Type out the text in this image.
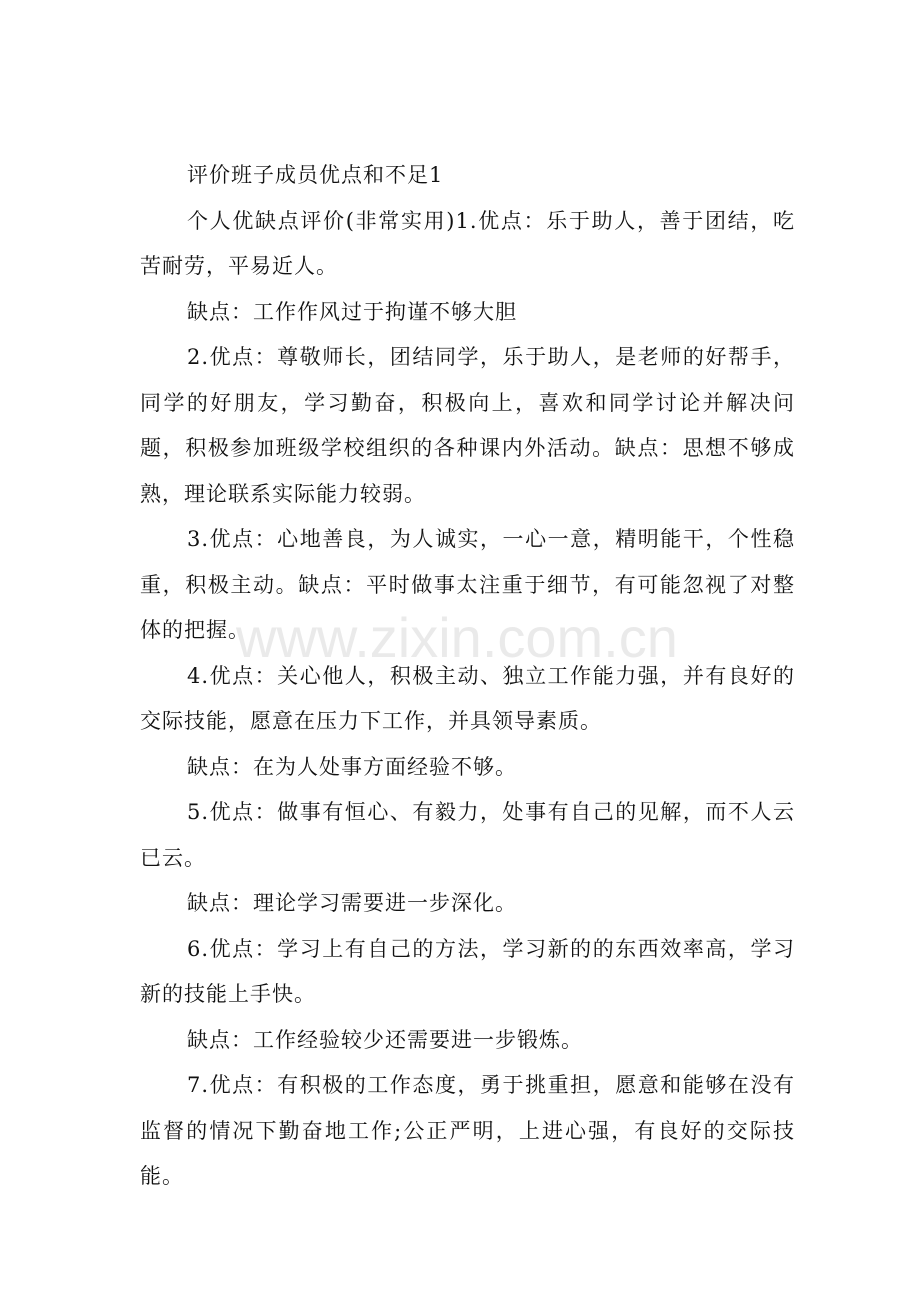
评价班子成员优点和不足1

个人优缺点评价(非常实用)1.优点：乐于助人，善于团结，吃苦耐劳，平易近人。

缺点：工作作风过于拘谨不够大胆

2.优点：尊敬师长，团结同学，乐于助人，是老师的好帮手，同学的好朋友，学习勤奋，积极向上，喜欢和同学讨论并解决问题，积极参加班级学校组织的各种课内外活动。缺点：思想不够成熟，理论联系实际能力较弱。

3.优点：心地善良，为人诚实，一心一意，精明能干，个性稳重，积极主动。缺点：平时做事太注重于细节，有可能忽视了对整体的把握。

4.优点：关心他人，积极主动、独立工作能力强，并有良好的交际技能，愿意在压力下工作，并具领导素质。

缺点：在为人处事方面经验不够。

5.优点：做事有恒心、有毅力，处事有自己的见解，而不人云已云。

缺点：理论学习需要进一步深化。

6.优点：学习上有自己的方法，学习新的的东西效率高，学习新的技能上手快。

缺点：工作经验较少还需要进一步锻炼。

7.优点：有积极的工作态度，勇于挑重担，愿意和能够在没有监督的情况下勤奋地工作;公正严明，上进心强，有良好的交际技能。

www.zixin.com.cn
